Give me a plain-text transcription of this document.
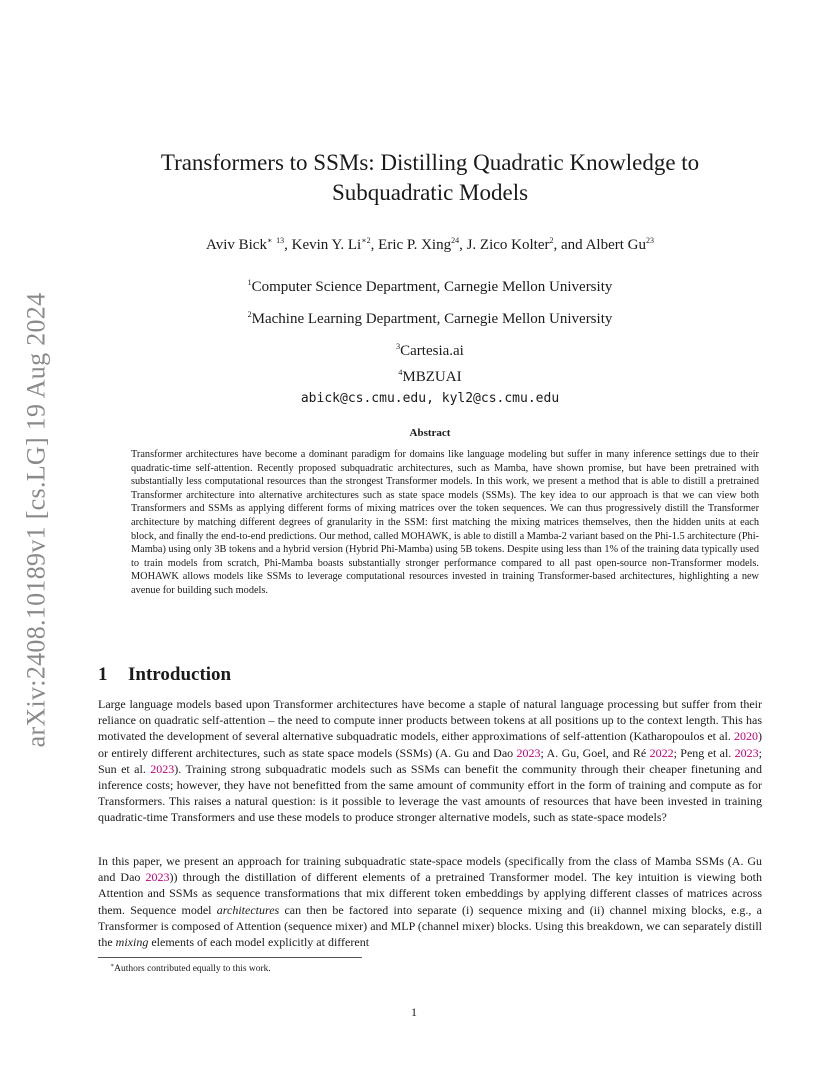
arXiv:2408.10189v1 [cs.LG] 19 Aug 2024
Transformers to SSMs: Distilling Quadratic Knowledge to
Subquadratic Models
Aviv Bick∗ $^{13}$, Kevin Y. $Li^{∗2}$, Eric P. Xing$^{24}$, J. Zico Kolter$^2$, and Albert Gu$^{23}$
$^1$Computer Science Department, Carnegie Mellon University
$^2$Machine Learning Department, Carnegie Mellon University
$^3$Cartesia.ai
$^4$MBZUAI
abick@cs.cmu.edu, kyl2@cs.cmu.edu
Abstract
Transformer architectures have become a dominant paradigm for domains like language modeling but suffer in many inference settings due to their quadratic-time self-attention. Recently proposed subquadratic architectures, such as Mamba, have shown promise, but have been pretrained with substantially less computational resources than the strongest Transformer models. In this work, we present a method that is able to distill a pretrained Transformer architecture into alternative architectures such as state space models (SSMs). The key idea to our approach is that we can view both Transformers and SSMs as applying different forms of mixing matrices over the token sequences. We can thus progressively distill the Transformer architecture by matching different degrees of granularity in the SSM: first matching the mixing matrices themselves, then the hidden units at each block, and finally the end-to-end predictions. Our method, called MOHAWK, is able to distill a Mamba-2 variant based on the Phi-1.5 architecture (Phi-Mamba) using only 3B tokens and a hybrid version (Hybrid Phi-Mamba) using 5B tokens. Despite using less than 1% of the training data typically used to train models from scratch, Phi-Mamba boasts substantially stronger performance compared to all past open-source non-Transformer models. MOHAWK allows models like SSMs to leverage computational resources invested in training Transformer-based architectures, highlighting a new avenue for building such models.
1 Introduction
Large language models based upon Transformer architectures have become a staple of natural language processing but suffer from their reliance on quadratic self-attention – the need to compute inner products between tokens at all positions up to the context length. This has motivated the development of several alternative subquadratic models, either approximations of self-attention (Katharopoulos et al. 2020) or entirely different architectures, such as state space models (SSMs) (A. Gu and Dao 2023; A. Gu, Goel, and Ré 2022; Peng et al. 2023; Sun et al. 2023). Training strong subquadratic models such as SSMs can benefit the community through their cheaper finetuning and inference costs; however, they have not benefitted from the same amount of community effort in the form of training and compute as for Transformers. This raises a natural question: is it possible to leverage the vast amounts of resources that have been invested in training quadratic-time Transformers and use these models to produce stronger alternative models, such as state-space models?
In this paper, we present an approach for training subquadratic state-space models (specifically from the class of Mamba SSMs (A. Gu and Dao 2023)) through the distillation of different elements of a pretrained Transformer model. The key intuition is viewing both Attention and SSMs as sequence transformations that mix different token embeddings by applying different classes of matrices across them. Sequence model architectures can then be factored into separate (i) sequence mixing and (ii) channel mixing blocks, e.g., a Transformer is composed of Attention (sequence mixer) and MLP (channel mixer) blocks. Using this breakdown, we can separately distill the mixing elements of each model explicitly at different
∗Authors contributed equally to this work.
1
